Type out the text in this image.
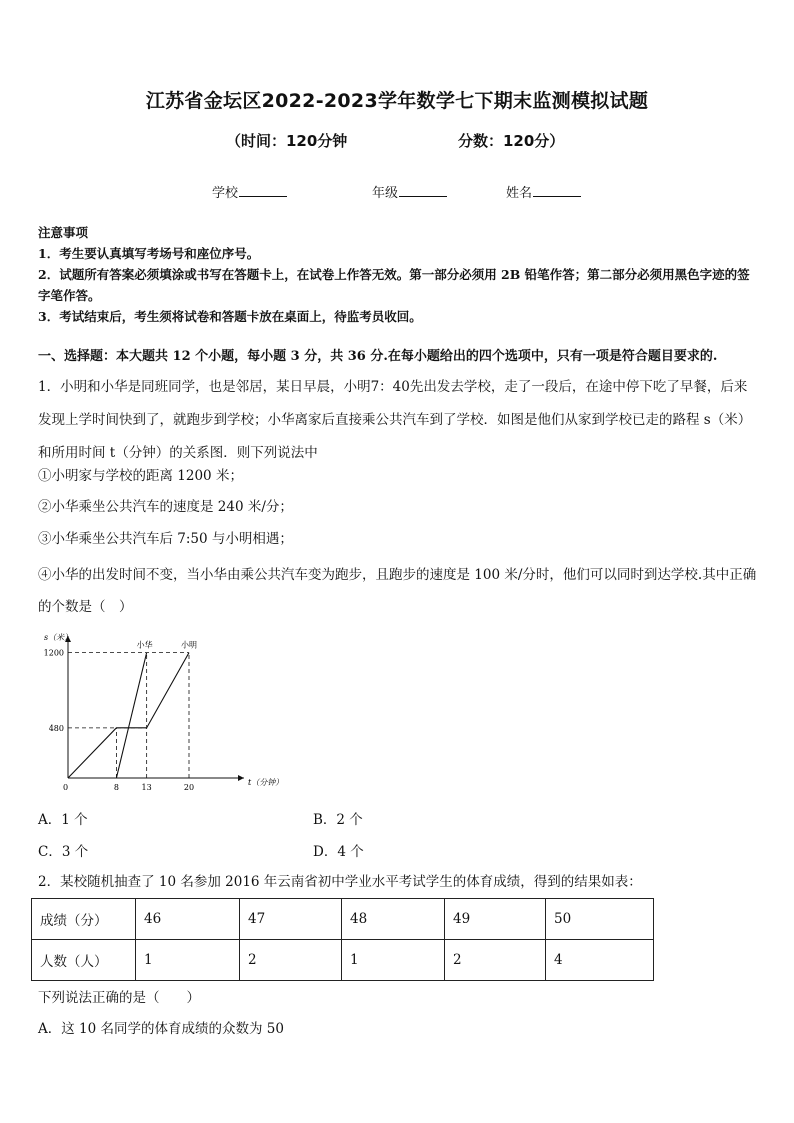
江苏省金坛区2022-2023学年数学七下期末监测模拟试题
（时间：120分钟	分数：120分）
学校	年级	姓名
注意事项
1．考生要认真填写考场号和座位序号。
2．试题所有答案必须填涂或书写在答题卡上，在试卷上作答无效。第一部分必须用 2B 铅笔作答；第二部分必须用黑色字迹的签字笔作答。
3．考试结束后，考生须将试卷和答题卡放在桌面上，待监考员收回。
一、选择题：本大题共 12 个小题，每小题 3 分，共 36 分.在每小题给出的四个选项中，只有一项是符合题目要求的.
1．小明和小华是同班同学，也是邻居，某日早晨，小明7：40先出发去学校，走了一段后，在途中停下吃了早餐，后来发现上学时间快到了，就跑步到学校；小华离家后直接乘公共汽车到了学校．如图是他们从家到学校已走的路程 s（米）和所用时间 t（分钟）的关系图．则下列说法中
①小明家与学校的距离 1200 米；
②小华乘坐公共汽车的速度是 240 米/分；
③小华乘坐公共汽车后 7:50 与小明相遇；
④小华的出发时间不变，当小华由乘公共汽车变为跑步，且跑步的速度是 100 米/分时，他们可以同时到达学校.其中正确的个数是（　）
s（米）
t（分钟）
0
480
1200
8	13	20
小明
小华
A．1 个	B．2 个
C．3 个	D．4 个
2．某校随机抽查了 10 名参加 2016 年云南省初中学业水平考试学生的体育成绩，得到的结果如表：
成绩（分）	46	47	48	49	50
人数（人）	1	2	1	2	4
下列说法正确的是（　　）
A．这 10 名同学的体育成绩的众数为 50
